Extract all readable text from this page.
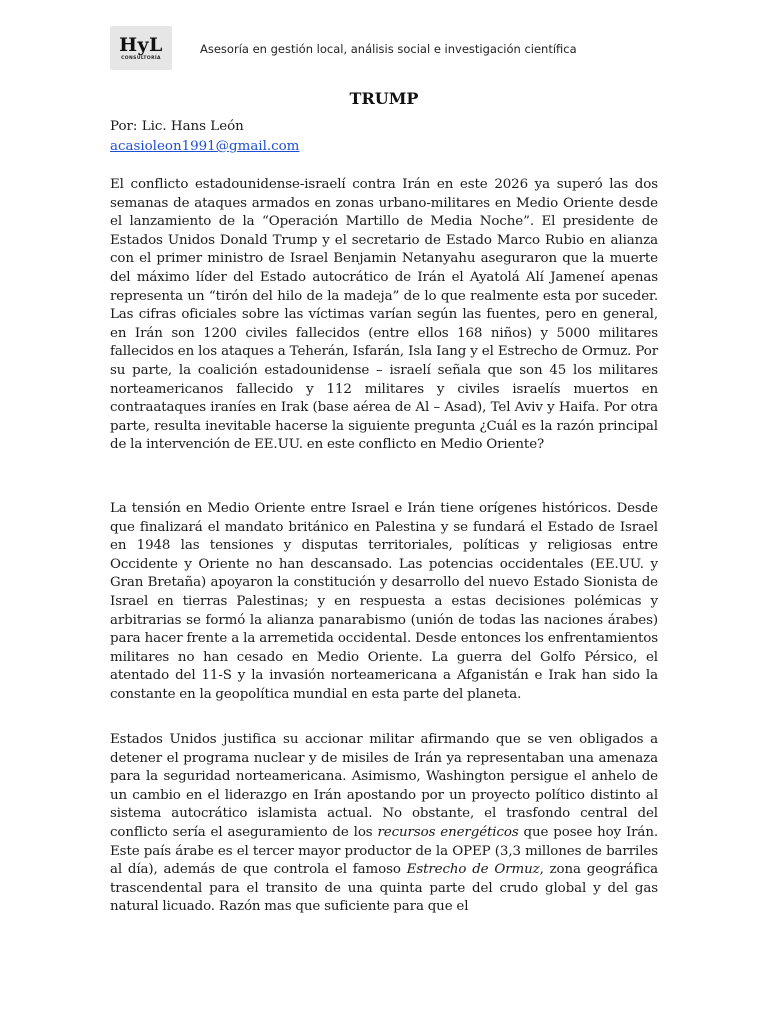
HyL
CONSULTORÍA
Asesoría en gestión local, análisis social e investigación científica
TRUMP
Por: Lic. Hans León
acasioleon1991@gmail.com

El conflicto estadounidense-israelí contra Irán en este 2026 ya superó las dos semanas de ataques armados en zonas urbano-militares en Medio Oriente desde el lanzamiento de la “Operación Martillo de Media Noche”. El presidente de Estados Unidos Donald Trump y el secretario de Estado Marco Rubio en alianza con el primer ministro de Israel Benjamin Netanyahu aseguraron que la muerte del máximo líder del Estado autocrático de Irán el Ayatolá Alí Jameneí apenas representa un “tirón del hilo de la madeja” de lo que realmente esta por suceder. Las cifras oficiales sobre las víctimas varían según las fuentes, pero en general, en Irán son 1200 civiles fallecidos (entre ellos 168 niños) y 5000 militares fallecidos en los ataques a Teherán, Isfarán, Isla Iang y el Estrecho de Ormuz. Por su parte, la coalición estadounidense – israelí señala que son 45 los militares norteamericanos fallecido y 112 militares y civiles israelís muertos en contraataques iraníes en Irak (base aérea de Al – Asad), Tel Aviv y Haifa. Por otra parte, resulta inevitable hacerse la siguiente pregunta ¿Cuál es la razón principal de la intervención de EE.UU. en este conflicto en Medio Oriente?

La tensión en Medio Oriente entre Israel e Irán tiene orígenes históricos. Desde que finalizará el mandato británico en Palestina y se fundará el Estado de Israel en 1948 las tensiones y disputas territoriales, políticas y religiosas entre Occidente y Oriente no han descansado. Las potencias occidentales (EE.UU. y Gran Bretaña) apoyaron la constitución y desarrollo del nuevo Estado Sionista de Israel en tierras Palestinas; y en respuesta a estas decisiones polémicas y arbitrarias se formó la alianza panarabismo (unión de todas las naciones árabes) para hacer frente a la arremetida occidental. Desde entonces los enfrentamientos militares no han cesado en Medio Oriente. La guerra del Golfo Pérsico, el atentado del 11-S y la invasión norteamericana a Afganistán e Irak han sido la constante en la geopolítica mundial en esta parte del planeta.

Estados Unidos justifica su accionar militar afirmando que se ven obligados a detener el programa nuclear y de misiles de Irán ya representaban una amenaza para la seguridad norteamericana. Asimismo, Washington persigue el anhelo de un cambio en el liderazgo en Irán apostando por un proyecto político distinto al sistema autocrático islamista actual. No obstante, el trasfondo central del conflicto sería el aseguramiento de los recursos energéticos que posee hoy Irán. Este país árabe es el tercer mayor productor de la OPEP (3,3 millones de barriles al día), además de que controla el famoso Estrecho de Ormuz, zona geográfica trascendental para el transito de una quinta parte del crudo global y del gas natural licuado. Razón mas que suficiente para que el
